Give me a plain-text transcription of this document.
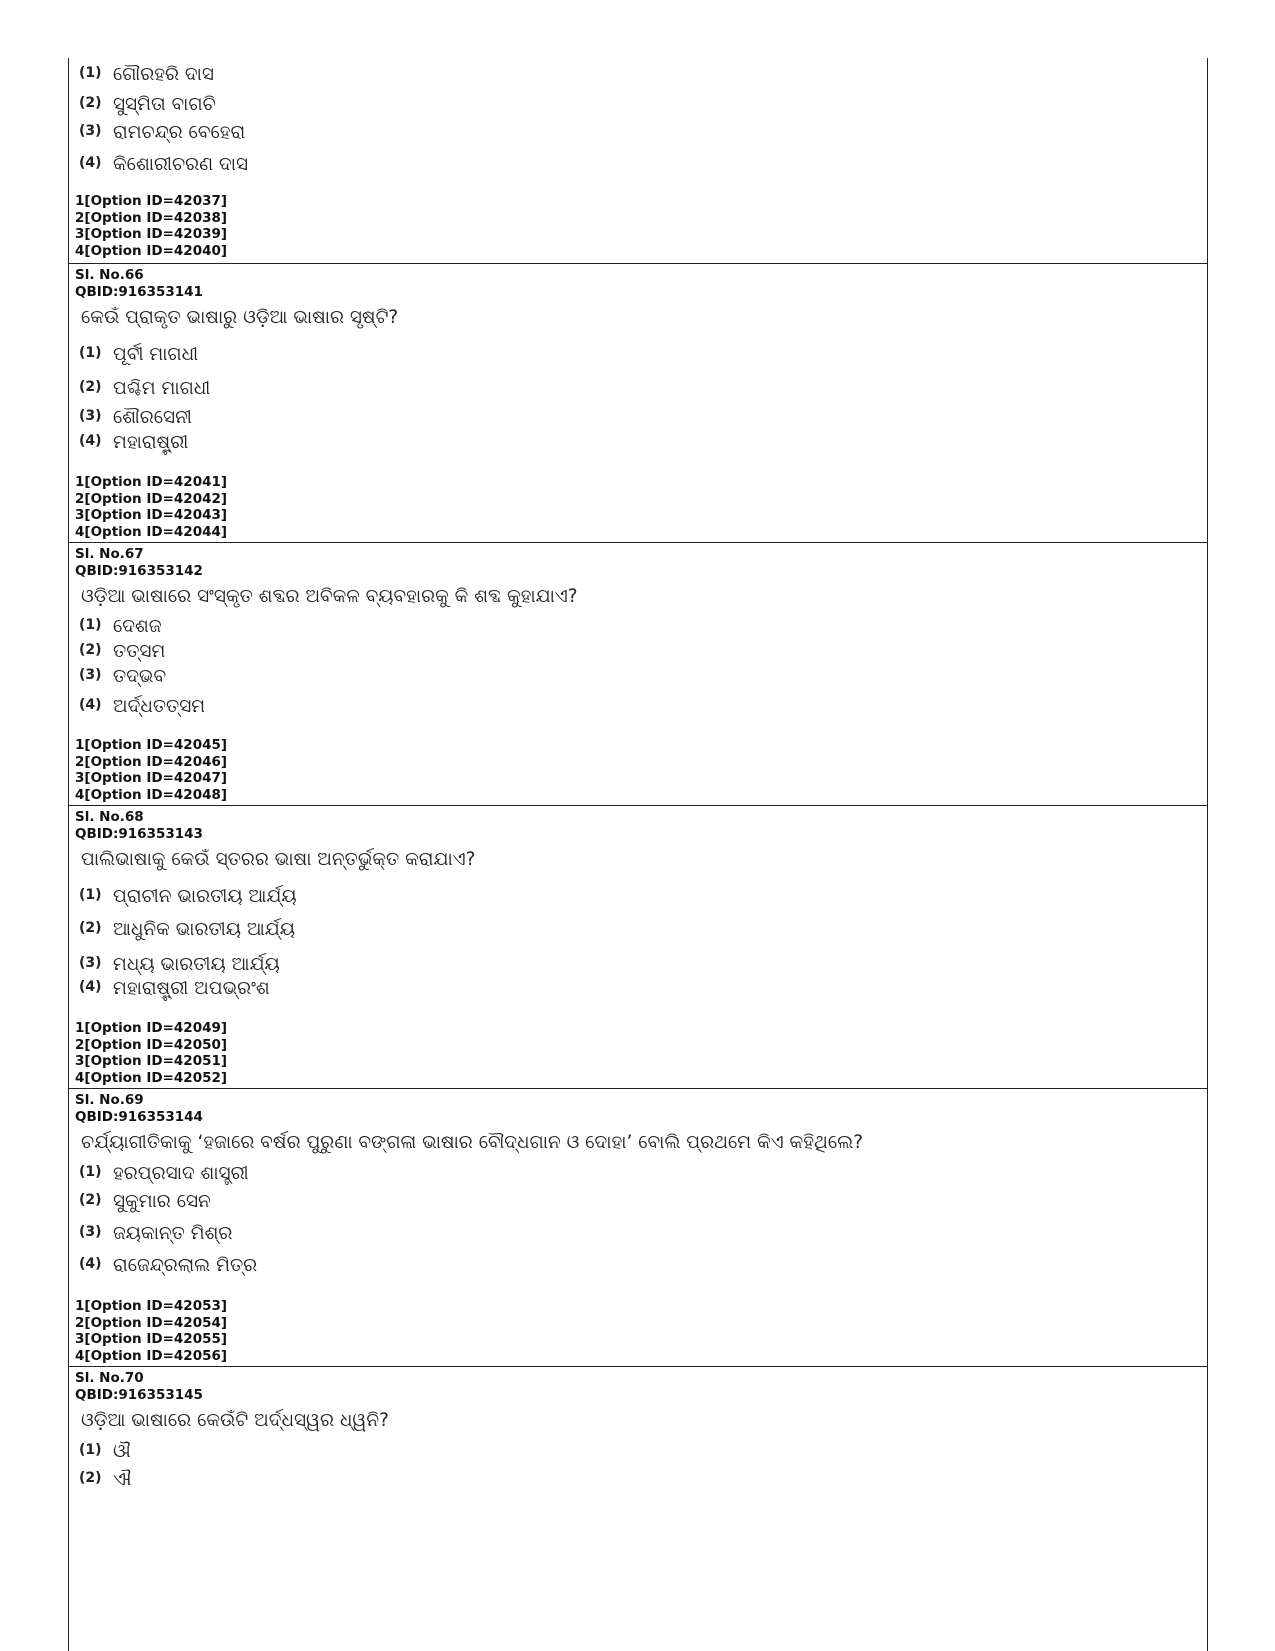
(1) ଗୌରହରି ଦାସ
(2) ସୁସ୍ମିତା ବାଗଚି
(3) ରାମଚନ୍ଦ୍ର ବେହେରା
(4) କିଶୋରୀଚରଣ ଦାସ
1[Option ID=42037]
2[Option ID=42038]
3[Option ID=42039]
4[Option ID=42040]
Sl. No.66
QBID:916353141
କେଉଁ ପ୍ରାକୃତ ଭାଷାରୁ ଓଡ଼ିଆ ଭାଷାର ସୃଷ୍ଟି?
(1) ପୂର୍ବୀ ମାଗଧୀ
(2) ପଶ୍ଚିମ ମାଗଧୀ
(3) ଶୌରସେନୀ
(4) ମହାରାଷ୍ଟ୍ରୀ
1[Option ID=42041]
2[Option ID=42042]
3[Option ID=42043]
4[Option ID=42044]
Sl. No.67
QBID:916353142
ଓଡ଼ିଆ ଭାଷାରେ ସଂସ୍କୃତ ଶବ୍ଦର ଅବିକଳ ବ୍ୟବହାରକୁ କି ଶବ୍ଦ କୁହାଯାଏ?
(1) ଦେଶଜ
(2) ତତ୍ସମ
(3) ତଦ୍ଭବ
(4) ଅର୍ଦ୍ଧତତ୍ସମ
1[Option ID=42045]
2[Option ID=42046]
3[Option ID=42047]
4[Option ID=42048]
Sl. No.68
QBID:916353143
ପାଲିଭାଷାକୁ କେଉଁ ସ୍ତରର ଭାଷା ଅନ୍ତର୍ଭୁକ୍ତ କରାଯାଏ?
(1) ପ୍ରାଚୀନ ଭାରତୀୟ ଆର୍ଯ୍ୟ
(2) ଆଧୁନିକ ଭାରତୀୟ ଆର୍ଯ୍ୟ
(3) ମଧ୍ୟ ଭାରତୀୟ ଆର୍ଯ୍ୟ
(4) ମହାରାଷ୍ଟ୍ରୀ ଅପଭ୍ରଂଶ
1[Option ID=42049]
2[Option ID=42050]
3[Option ID=42051]
4[Option ID=42052]
Sl. No.69
QBID:916353144
ଚର୍ଯ୍ୟାଗୀତିକାକୁ ‘ହଜାରେ ବର୍ଷର ପୁରୁଣା ବଙ୍ଗଳା ଭାଷାର ବୌଦ୍ଧଗାନ ଓ ଦୋହା’ ବୋଲି ପ୍ରଥମେ କିଏ କହିଥିଲେ?
(1) ହରପ୍ରସାଦ ଶାସ୍ତ୍ରୀ
(2) ସୁକୁମାର ସେନ
(3) ଜୟକାନ୍ତ ମିଶ୍ର
(4) ରାଜେନ୍ଦ୍ରଲାଲ ମିତ୍ର
1[Option ID=42053]
2[Option ID=42054]
3[Option ID=42055]
4[Option ID=42056]
Sl. No.70
QBID:916353145
ଓଡ଼ିଆ ଭାଷାରେ କେଉଁଟି ଅର୍ଦ୍ଧସ୍ୱର ଧ୍ୱନି?
(1) ଔ
(2) ଐ
